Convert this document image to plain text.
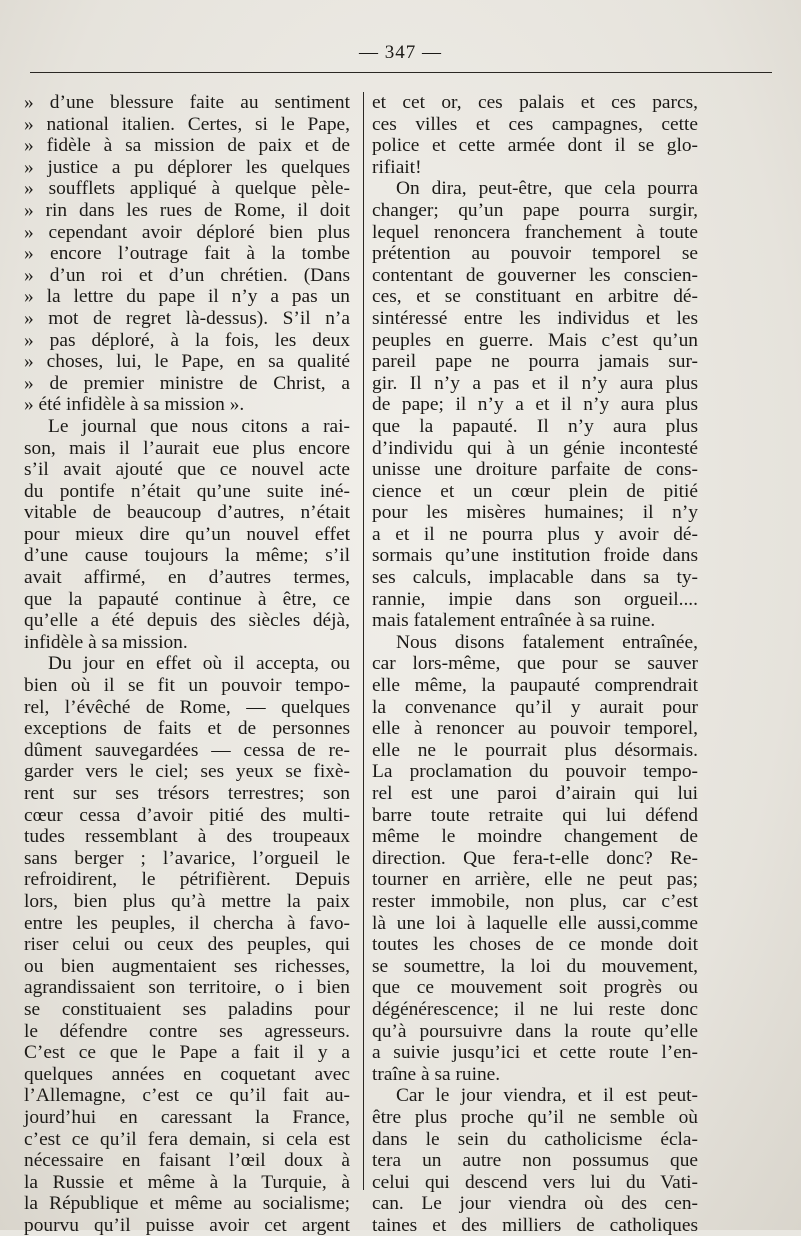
— 347 —
» d’une blessure faite au sentiment
» national italien. Certes, si le Pape,
» fidèle à sa mission de paix et de
» justice a pu déplorer les quelques
» soufflets appliqué à quelque pèle-
» rin dans les rues de Rome, il doit
» cependant avoir déploré bien plus
» encore l’outrage fait à la tombe
» d’un roi et d’un chrétien. (Dans
» la lettre du pape il n’y a pas un
» mot de regret là-dessus). S’il n’a
» pas déploré, à la fois, les deux
» choses, lui, le Pape, en sa qualité
» de premier ministre de Christ, a
» été infidèle à sa mission ».
Le journal que nous citons a rai-
son, mais il l’aurait eue plus encore
s’il avait ajouté que ce nouvel acte
du pontife n’était qu’une suite iné-
vitable de beaucoup d’autres, n’était
pour mieux dire qu’un nouvel effet
d’une cause toujours la même; s’il
avait affirmé, en d’autres termes,
que la papauté continue à être, ce
qu’elle a été depuis des siècles déjà,
infidèle à sa mission.
Du jour en effet où il accepta, ou
bien où il se fit un pouvoir tempo-
rel, l’évêché de Rome, — quelques
exceptions de faits et de personnes
dûment sauvegardées — cessa de re-
garder vers le ciel; ses yeux se fixè-
rent sur ses trésors terrestres; son
cœur cessa d’avoir pitié des multi-
tudes ressemblant à des troupeaux
sans berger ; l’avarice, l’orgueil le
refroidirent, le pétrifièrent. Depuis
lors, bien plus qu’à mettre la paix
entre les peuples, il chercha à favo-
riser celui ou ceux des peuples, qui
ou bien augmentaient ses richesses,
agrandissaient son territoire, o i bien
se constituaient ses paladins pour
le défendre contre ses agresseurs.
C’est ce que le Pape a fait il y a
quelques années en coquetant avec
l’Allemagne, c’est ce qu’il fait au-
jourd’hui en caressant la France,
c’est ce qu’il fera demain, si cela est
nécessaire en faisant l’œil doux à
la Russie et même à la Turquie, à
la République et même au socialisme;
pourvu qu’il puisse avoir cet argent
et cet or, ces palais et ces parcs,
ces villes et ces campagnes, cette
police et cette armée dont il se glo-
rifiait!
On dira, peut-être, que cela pourra
changer; qu’un pape pourra surgir,
lequel renoncera franchement à toute
prétention au pouvoir temporel se
contentant de gouverner les conscien-
ces, et se constituant en arbitre dé-
sintéressé entre les individus et les
peuples en guerre. Mais c’est qu’un
pareil pape ne pourra jamais sur-
gir. Il n’y a pas et il n’y aura plus
de pape; il n’y a et il n’y aura plus
que la papauté. Il n’y aura plus
d’individu qui à un génie incontesté
unisse une droiture parfaite de cons-
cience et un cœur plein de pitié
pour les misères humaines; il n’y
a et il ne pourra plus y avoir dé-
sormais qu’une institution froide dans
ses calculs, implacable dans sa ty-
rannie, impie dans son orgueil....
mais fatalement entraînée à sa ruine.
Nous disons fatalement entraînée,
car lors-même, que pour se sauver
elle même, la paupauté comprendrait
la convenance qu’il y aurait pour
elle à renoncer au pouvoir temporel,
elle ne le pourrait plus désormais.
La proclamation du pouvoir tempo-
rel est une paroi d’airain qui lui
barre toute retraite qui lui défend
même le moindre changement de
direction. Que fera-t-elle donc? Re-
tourner en arrière, elle ne peut pas;
rester immobile, non plus, car c’est
là une loi à laquelle elle aussi,comme
toutes les choses de ce monde doit
se soumettre, la loi du mouvement,
que ce mouvement soit progrès ou
dégénérescence; il ne lui reste donc
qu’à poursuivre dans la route qu’elle
a suivie jusqu’ici et cette route l’en-
traîne à sa ruine.
Car le jour viendra, et il est peut-
être plus proche qu’il ne semble où
dans le sein du catholicisme écla-
tera un autre non possumus que
celui qui descend vers lui du Vati-
can. Le jour viendra où des cen-
taines et des milliers de catholiques
